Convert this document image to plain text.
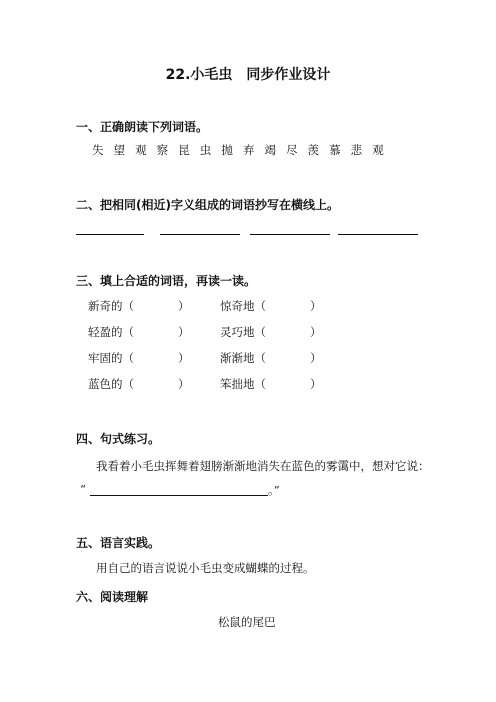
22.小毛虫　同步作业设计
一、正确朗读下列词语。
失 望 观 察 昆 虫 抛 弃 竭 尽 羡 慕 悲 观
二、把相同(相近)字义组成的词语抄写在横线上。
三、填上合适的词语，再读一读。
新奇的（	）	惊奇地（	）
轻盈的（	）	灵巧地（	）
牢固的（	）	渐渐地（	）
蓝色的（	）	笨拙地（	）
四、句式练习。
我看着小毛虫挥舞着翅膀渐渐地消失在蓝色的雾霭中，想对它说：
“	。”
五、语言实践。
用自己的语言说说小毛虫变成蝴蝶的过程。
六、阅读理解
松鼠的尾巴
